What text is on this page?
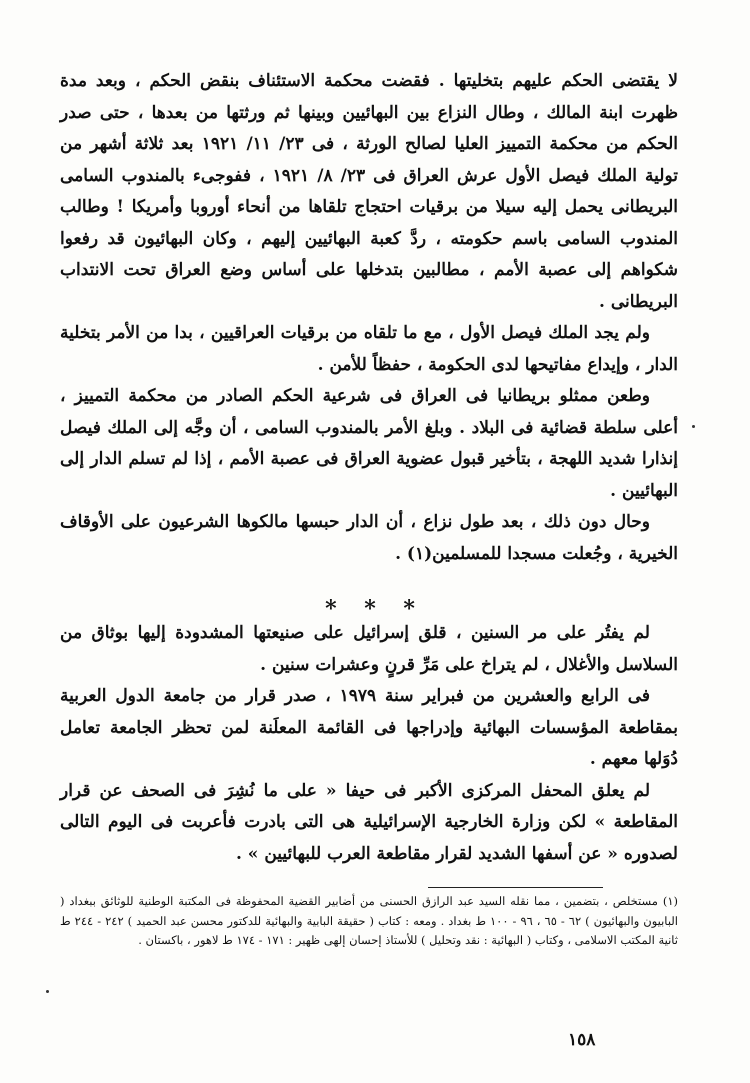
لا يقتضى الحكم عليهم بتخليتها . فقضت محكمة الاستئناف بنقض الحكم ، وبعد مدة ظهرت ابنة المالك ، وطال النزاع بين البهائيين وبينها ثم ورثتها من بعدها ، حتى صدر الحكم من محكمة التمييز العليا لصالح الورثة ، فى ٢٣/ ١١/ ١٩٢١ بعد ثلاثة أشهر من تولية الملك فيصل الأول عرش العراق فى ٢٣/ ٨/ ١٩٢١ ، ففوجىء بالمندوب السامى البريطانى يحمل إليه سيلا من برقيات احتجاج تلقاها من أنحاء أوروبا وأمريكا ! وطالب المندوب السامى باسم حكومته ، ردَّ كعبة البهائيين إليهم ، وكان البهائيون قد رفعوا شكواهم إلى عصبة الأمم ، مطالبين بتدخلها على أساس وضع العراق تحت الانتداب البريطانى .

ولم يجد الملك فيصل الأول ، مع ما تلقاه من برقيات العراقيين ، بدا من الأمر بتخلية الدار ، وإيداع مفاتيحها لدى الحكومة ، حفظاً للأمن .

وطعن ممثلو بريطانيا فى العراق فى شرعية الحكم الصادر من محكمة التمييز ، أعلى سلطة قضائية فى البلاد . وبلغ الأمر بالمندوب السامى ، أن وجَّه إلى الملك فيصل إنذارا شديد اللهجة ، بتأخير قبول عضوية العراق فى عصبة الأمم ، إذا لم تسلم الدار إلى البهائيين .

وحال دون ذلك ، بعد طول نزاع ، أن الدار حبسها مالكوها الشرعيون على الأوقاف الخيرية ، وجُعلت مسجدا للمسلمين(١) .

* * *

لم يفتُر على مر السنين ، قلق إسرائيل على صنيعتها المشدودة إليها بوثاق من السلاسل والأغلال ، لم يتراخ على مَرِّ قرنٍ وعشرات سنين .

فى الرابع والعشرين من فبراير سنة ١٩٧٩ ، صدر قرار من جامعة الدول العربية بمقاطعة المؤسسات البهائية وإدراجها فى القائمة المعلَنة لمن تحظر الجامعة تعامل دُوَلها معهم .

لم يعلق المحفل المركزى الأكبر فى حيفا « على ما نُشِرَ فى الصحف عن قرار المقاطعة » لكن وزارة الخارجية الإسرائيلية هى التى بادرت فأعربت فى اليوم التالى لصدوره « عن أسفها الشديد لقرار مقاطعة العرب للبهائيين » .

(١) مستخلص ، بتضمين ، مما نقله السيد عبد الرازق الحسنى من أضابير القضية المحفوظة فى المكتبة الوطنية للوثائق ببغداد ( البابيون والبهائيون ) ٦٢ - ٦٥ ، ٩٦ - ١٠٠ ط بغداد . ومعه : كتاب ( حقيقة البابية والبهائية للدكتور محسن عبد الحميد ) ٢٤٢ - ٢٤٤ ط ثانية المكتب الاسلامى ، وكتاب ( البهائية : نقد وتحليل ) للأستاذ إحسان إلهى ظهير : ١٧١ - ١٧٤ ط لاهور ، باكستان .

١٥٨
